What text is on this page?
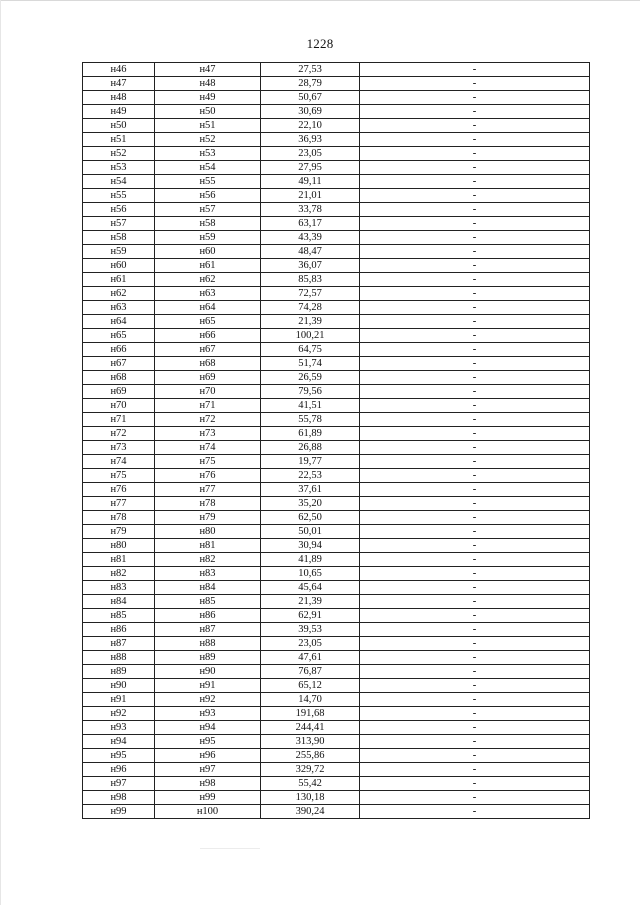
1228
н46	н47	27,53	-
н47	н48	28,79	-
н48	н49	50,67	-
н49	н50	30,69	-
н50	н51	22,10	-
н51	н52	36,93	-
н52	н53	23,05	-
н53	н54	27,95	-
н54	н55	49,11	-
н55	н56	21,01	-
н56	н57	33,78	-
н57	н58	63,17	-
н58	н59	43,39	-
н59	н60	48,47	-
н60	н61	36,07	-
н61	н62	85,83	-
н62	н63	72,57	-
н63	н64	74,28	-
н64	н65	21,39	-
н65	н66	100,21	-
н66	н67	64,75	-
н67	н68	51,74	-
н68	н69	26,59	-
н69	н70	79,56	-
н70	н71	41,51	-
н71	н72	55,78	-
н72	н73	61,89	-
н73	н74	26,88	-
н74	н75	19,77	-
н75	н76	22,53	-
н76	н77	37,61	-
н77	н78	35,20	-
н78	н79	62,50	-
н79	н80	50,01	-
н80	н81	30,94	-
н81	н82	41,89	-
н82	н83	10,65	-
н83	н84	45,64	-
н84	н85	21,39	-
н85	н86	62,91	-
н86	н87	39,53	-
н87	н88	23,05	-
н88	н89	47,61	-
н89	н90	76,87	-
н90	н91	65,12	-
н91	н92	14,70	-
н92	н93	191,68	-
н93	н94	244,41	-
н94	н95	313,90	-
н95	н96	255,86	-
н96	н97	329,72	-
н97	н98	55,42	-
н98	н99	130,18	-
н99	н100	390,24	-
